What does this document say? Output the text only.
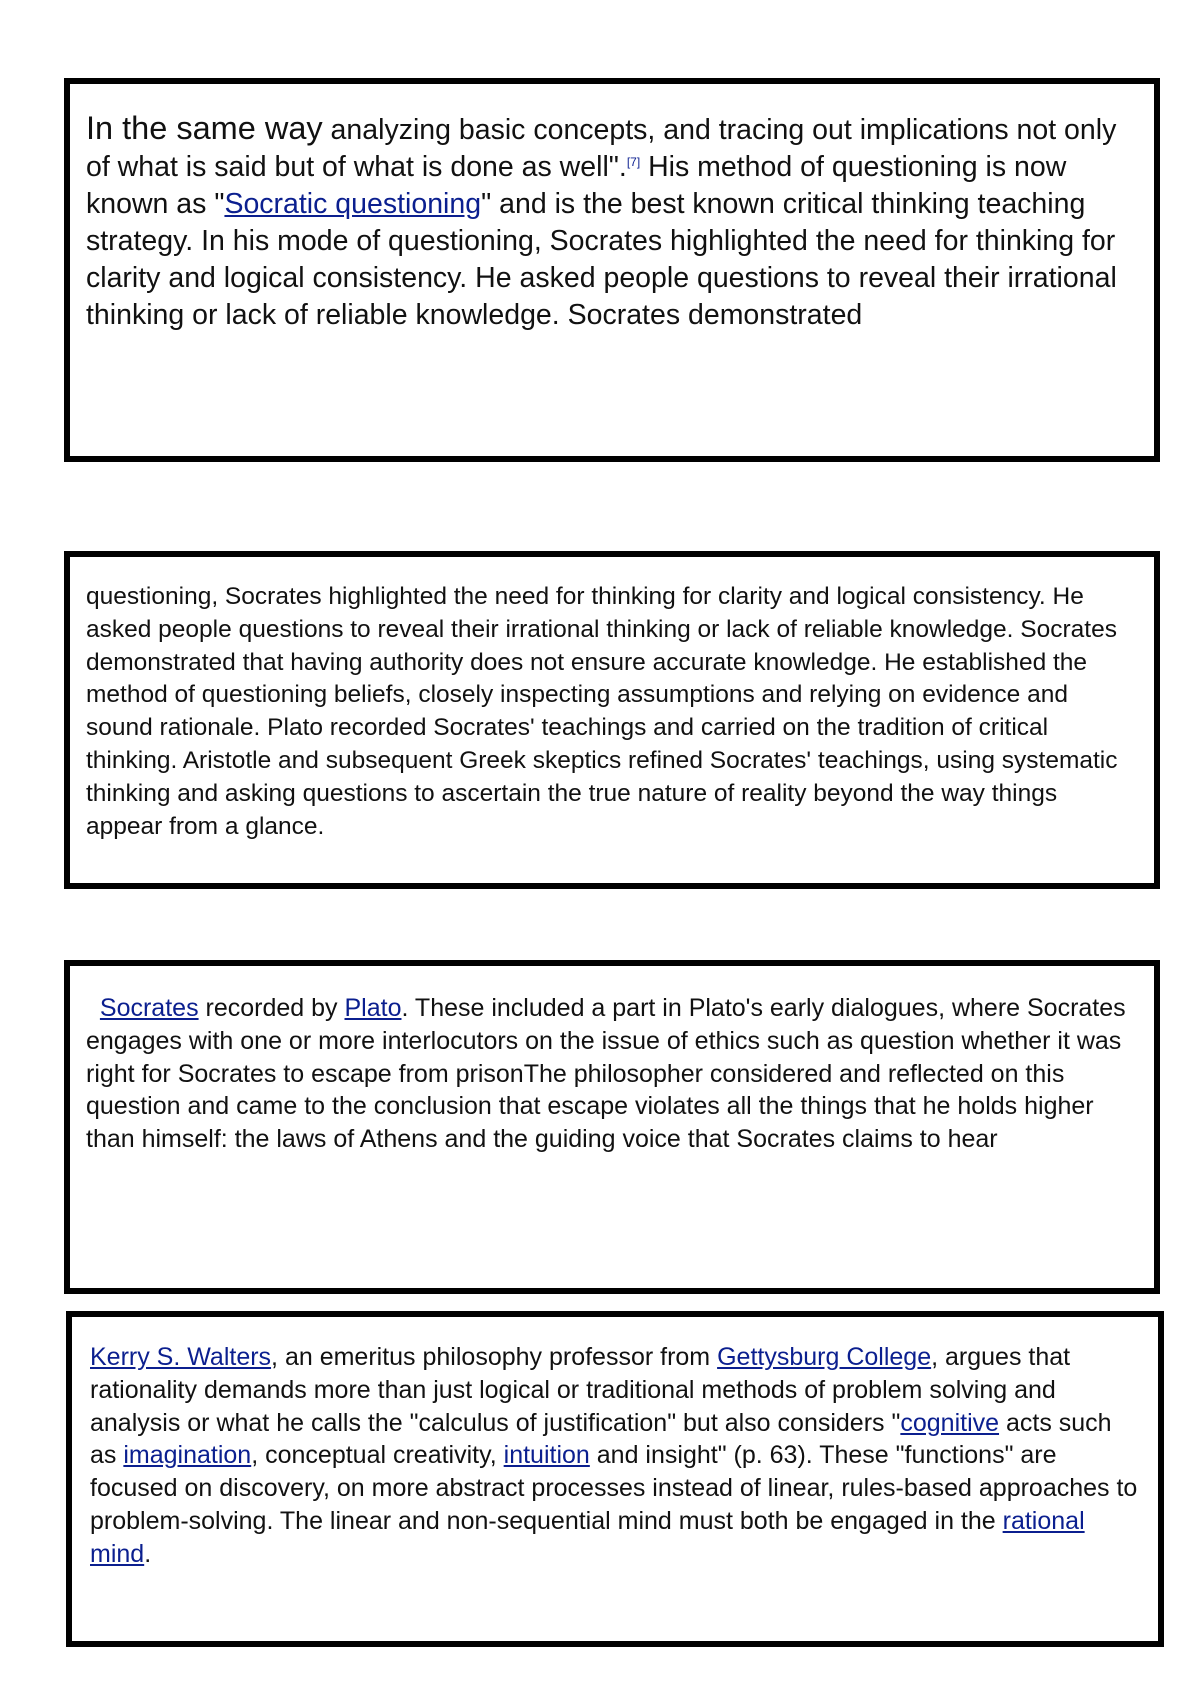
In the same way analyzing basic concepts, and tracing out implications not only of what is said but of what is done as well".[7] His method of questioning is now known as "Socratic questioning" and is the best known critical thinking teaching strategy. In his mode of questioning, Socrates highlighted the need for thinking for clarity and logical consistency. He asked people questions to reveal their irrational thinking or lack of reliable knowledge. Socrates demonstrated

questioning, Socrates highlighted the need for thinking for clarity and logical consistency. He asked people questions to reveal their irrational thinking or lack of reliable knowledge. Socrates demonstrated that having authority does not ensure accurate knowledge. He established the method of questioning beliefs, closely inspecting assumptions and relying on evidence and sound rationale. Plato recorded Socrates' teachings and carried on the tradition of critical thinking. Aristotle and subsequent Greek skeptics refined Socrates' teachings, using systematic thinking and asking questions to ascertain the true nature of reality beyond the way things appear from a glance.

Socrates recorded by Plato. These included a part in Plato's early dialogues, where Socrates engages with one or more interlocutors on the issue of ethics such as question whether it was right for Socrates to escape from prisonThe philosopher considered and reflected on this question and came to the conclusion that escape violates all the things that he holds higher than himself: the laws of Athens and the guiding voice that Socrates claims to hear

Kerry S. Walters, an emeritus philosophy professor from Gettysburg College, argues that rationality demands more than just logical or traditional methods of problem solving and analysis or what he calls the "calculus of justification" but also considers "cognitive acts such as imagination, conceptual creativity, intuition and insight" (p. 63). These "functions" are focused on discovery, on more abstract processes instead of linear, rules-based approaches to problem-solving. The linear and non-sequential mind must both be engaged in the rational mind.
